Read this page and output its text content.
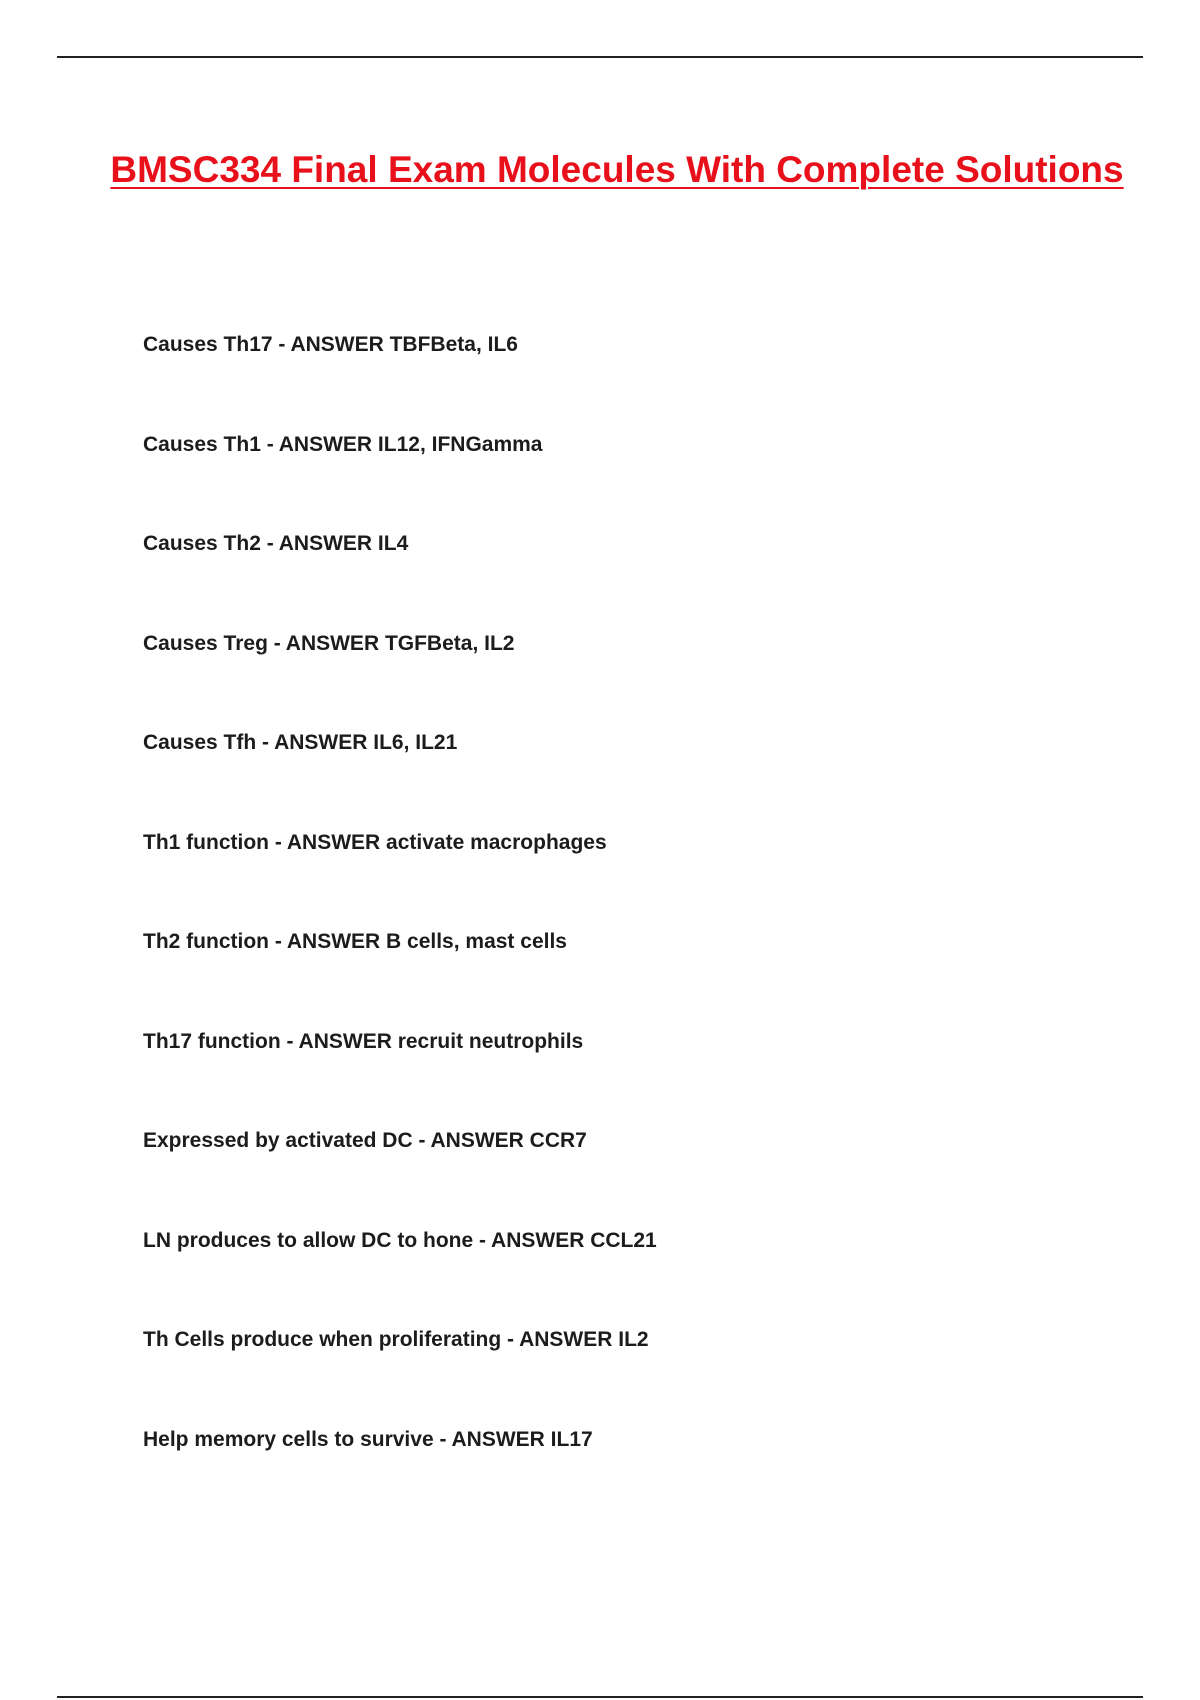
BMSC334 Final Exam Molecules With Complete Solutions
Causes Th17 - ANSWER TBFBeta, IL6
Causes Th1 - ANSWER IL12, IFNGamma
Causes Th2 - ANSWER IL4
Causes Treg - ANSWER TGFBeta, IL2
Causes Tfh - ANSWER IL6, IL21
Th1 function - ANSWER activate macrophages
Th2 function - ANSWER B cells, mast cells
Th17 function - ANSWER recruit neutrophils
Expressed by activated DC - ANSWER CCR7
LN produces to allow DC to hone - ANSWER CCL21
Th Cells produce when proliferating - ANSWER IL2
Help memory cells to survive - ANSWER IL17
